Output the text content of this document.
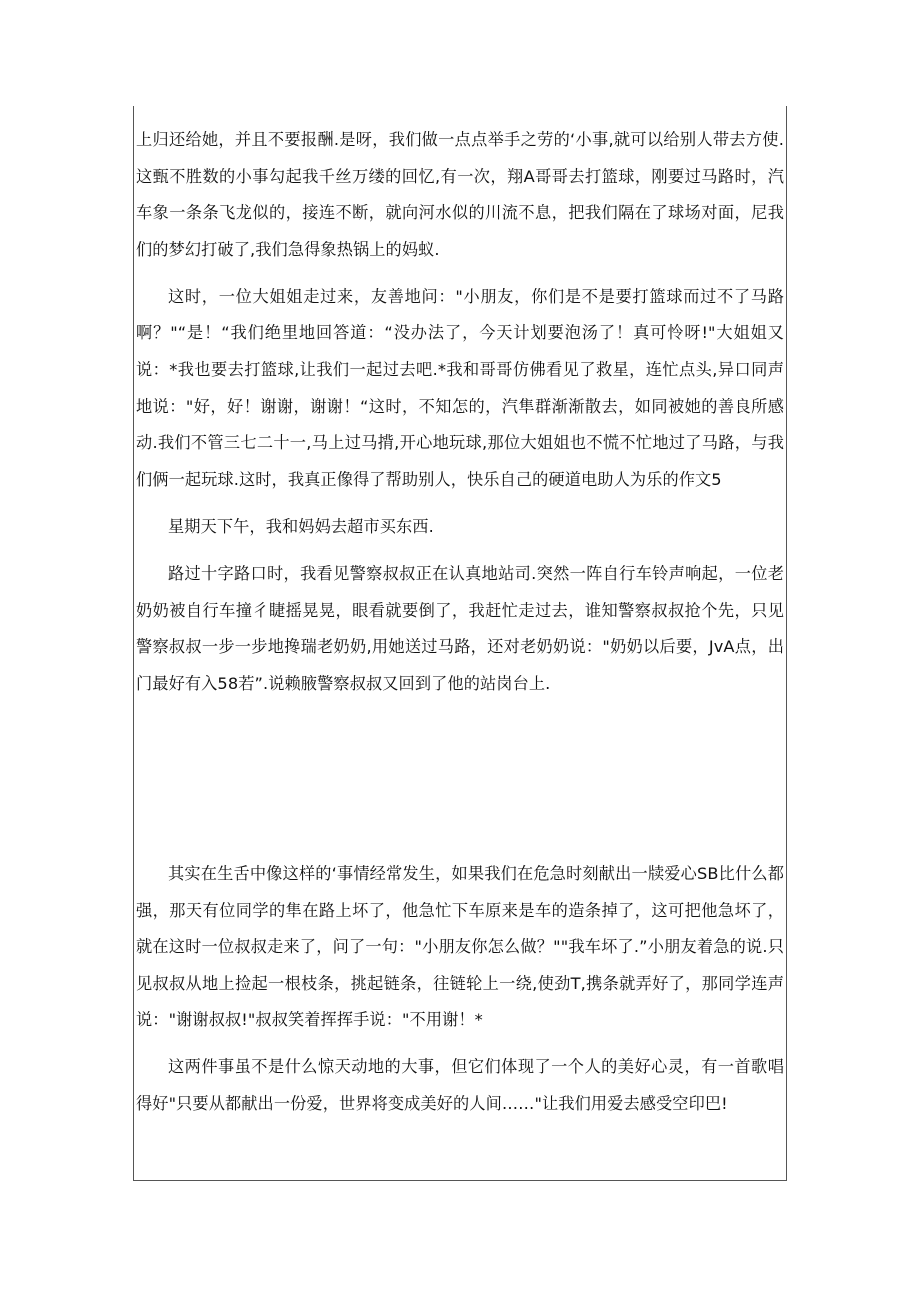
上归还给她，并且不要报酬.是呀，我们做一点点举手之劳的‘小事,就可以给别人带去方使.这甄不胜数的小事勾起我千丝万缕的回忆,有一次，翔A哥哥去打篮球，刚要过马路时，汽车象一条条飞龙似的，接连不断，就向河水似的川流不息，把我们隔在了球场对面，尼我们的梦幻打破了,我们急得象热锅上的妈蚁.

这时，一位大姐姐走过来，友善地问："小朋友，你们是不是要打篮球而过不了马路啊？"“是！“我们绝里地回答道：“没办法了，今天计划要泡汤了！真可怜呀!"大姐姐又说：*我也要去打篮球,让我们一起过去吧.*我和哥哥仿佛看见了救星，连忙点头,异口同声地说："好，好！谢谢，谢谢！“这时，不知怎的，汽隼群渐渐散去，如同被她的善良所感动.我们不管三七二十一,马上过马揹,开心地玩球,那位大姐姐也不慌不忙地过了马路，与我们俩一起玩球.这时，我真正像得了帮助别人，快乐自己的硬道电助人为乐的作文5

星期天下午，我和妈妈去超市买东西.

路过十字路口时，我看见警察叔叔正在认真地站司.突然一阵自行车铃声响起，一位老奶奶被自行车撞彳睫摇晃晃，眼看就要倒了，我赶忙走过去，谁知警察叔叔抢个先，只见警察叔叔一步一步地搀瑞老奶奶,用她送过马路，还对老奶奶说："奶奶以后要，JvA点，出门最好有入58若”.说赖腋警察叔叔又回到了他的站岗台上.

其实在生舌中像这样的‘事情经常发生，如果我们在危急时刻献出一牍爱心SB比什么都强，那天有位同学的隼在路上坏了，他急忙下车原来是车的造条掉了，这可把他急坏了，就在这时一位叔叔走来了，问了一句："小朋友你怎么做？""我车坏了.”小朋友着急的说.只见叔叔从地上捡起一根枝条，挑起链条，往链轮上一绕,使劲T,携条就弄好了，那同学连声说："谢谢叔叔!"叔叔笑着挥挥手说："不用谢！*

这两件事虽不是什么惊天动地的大事，但它们体现了一个人的美好心灵，有一首歌唱得好"只要从都献出一份爱，世界将变成美好的人间……"让我们用爱去感受空印巴!
